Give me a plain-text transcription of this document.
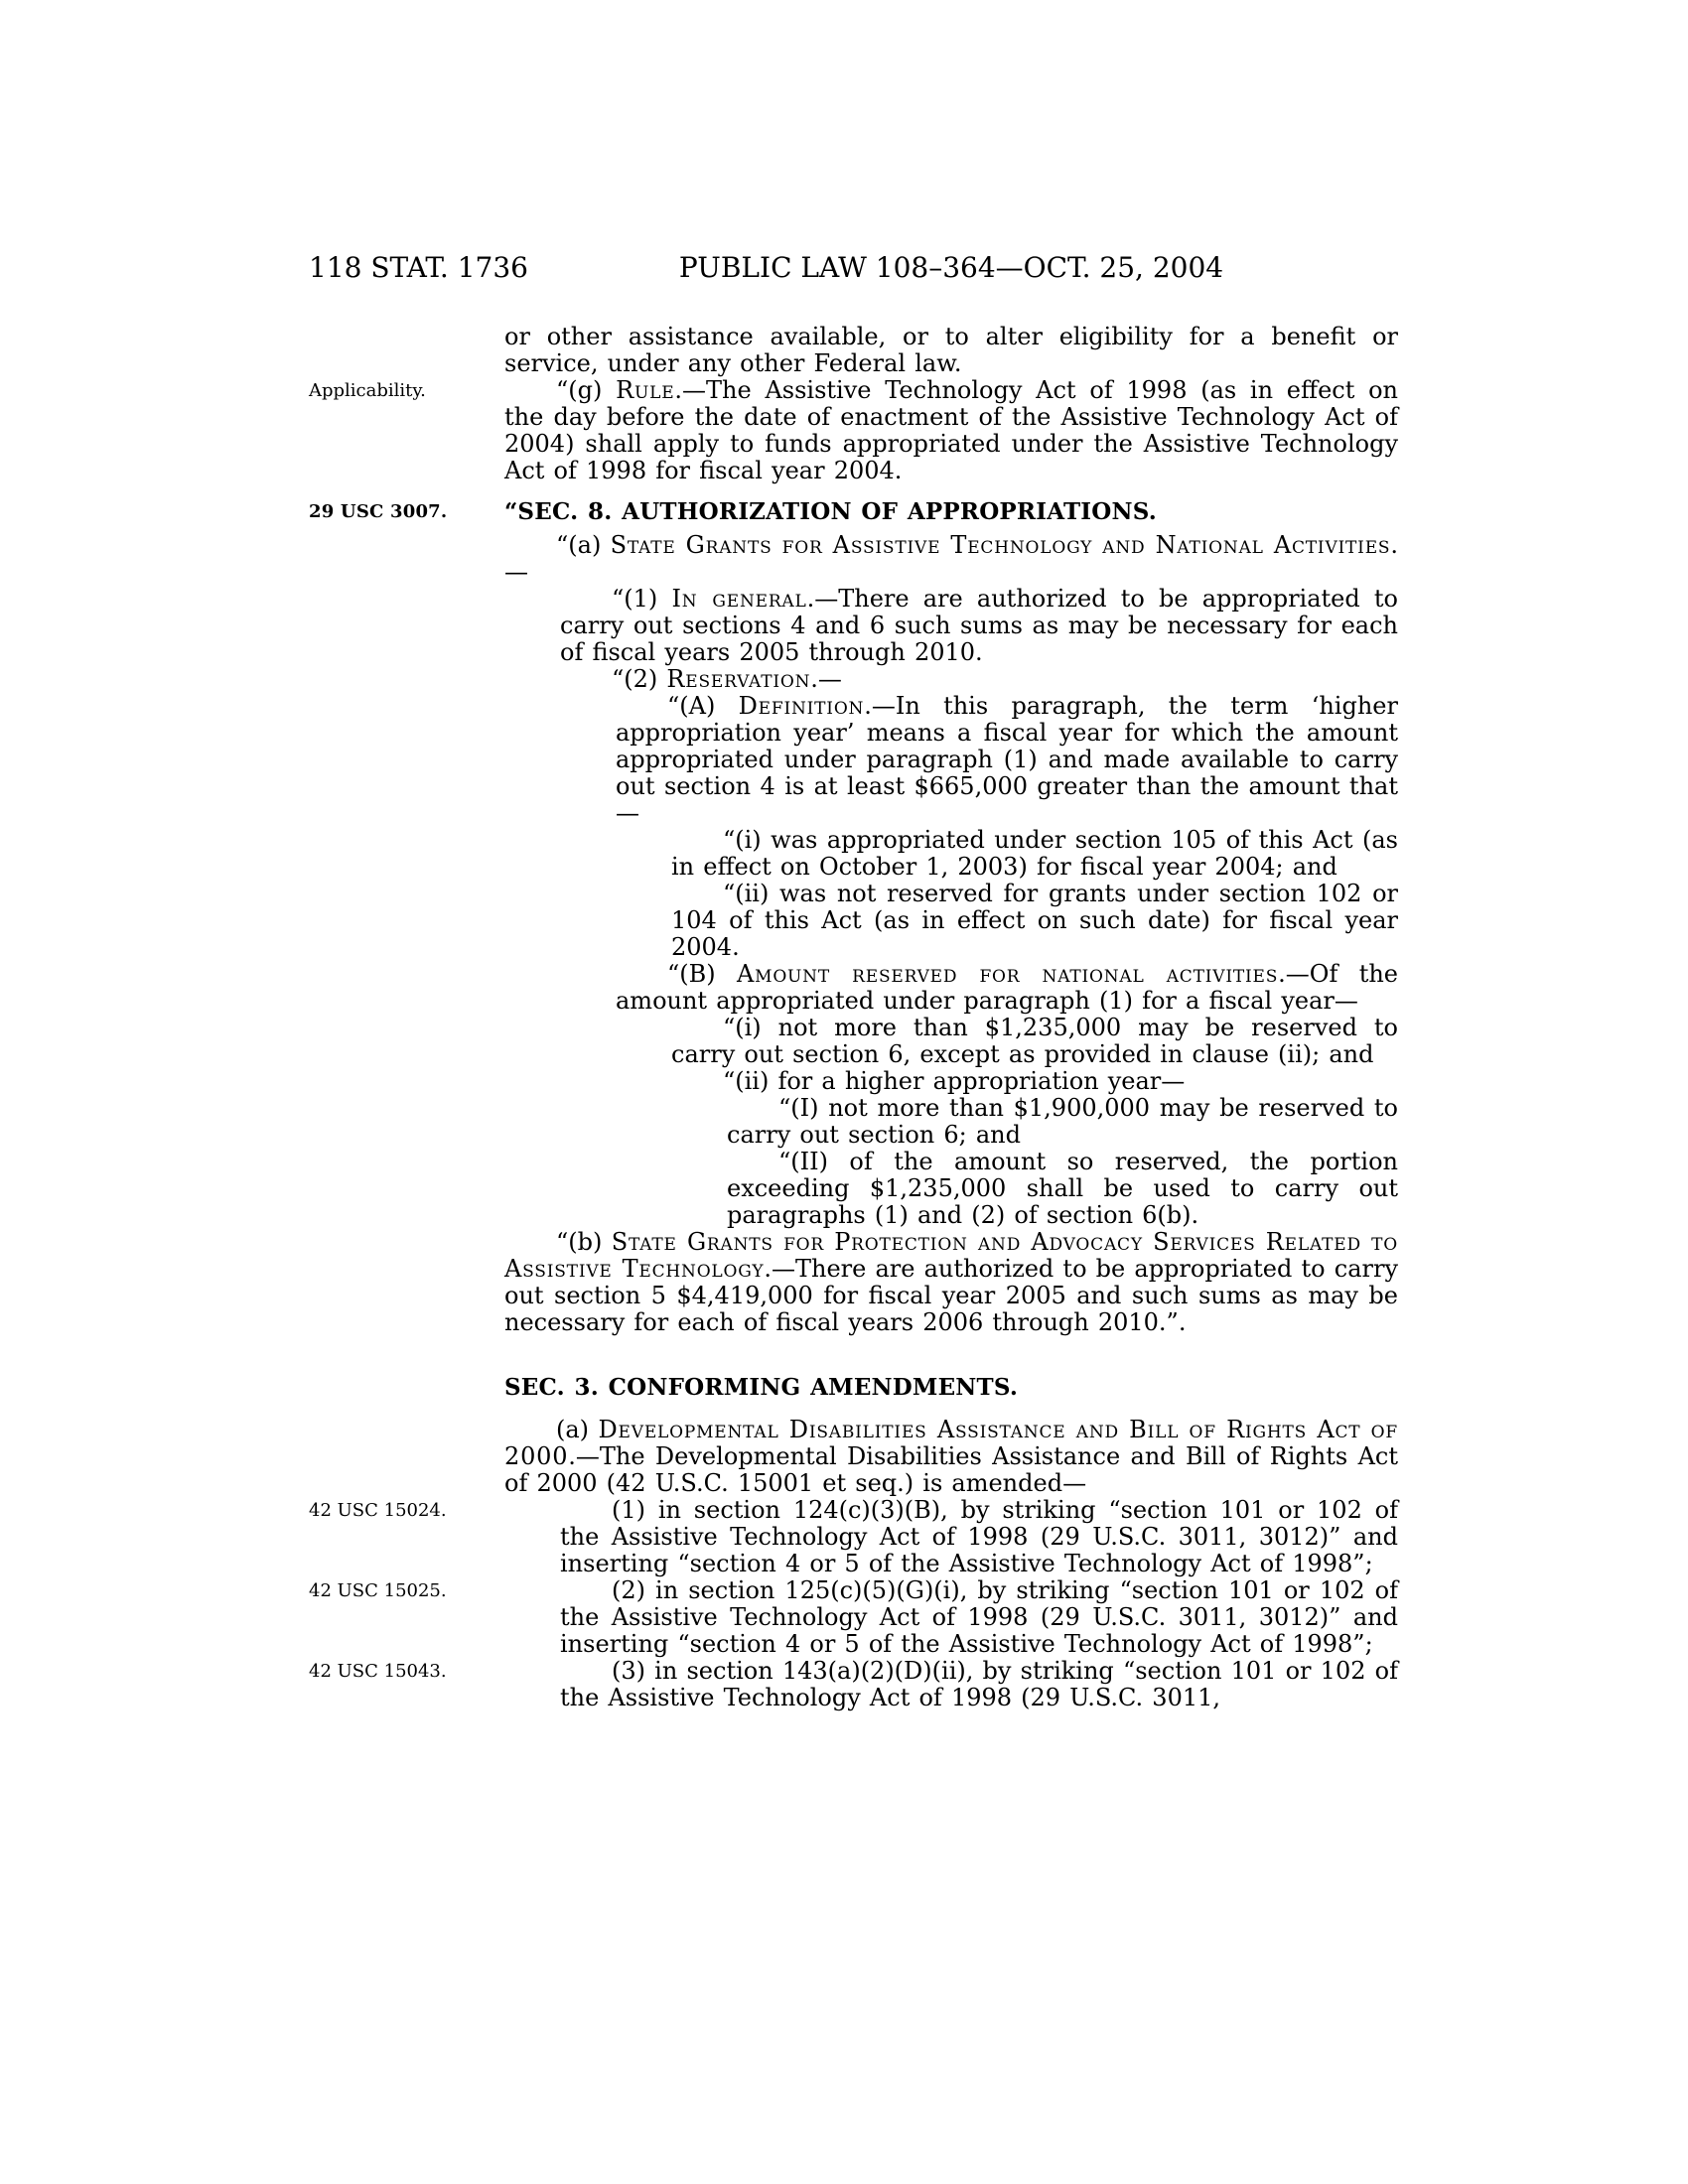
118 STAT. 1736	PUBLIC LAW 108–364—OCT. 25, 2004
or other assistance available, or to alter eligibility for a benefit or service, under any other Federal law.
Applicability.	“(g) Rule.—The Assistive Technology Act of 1998 (as in effect on the day before the date of enactment of the Assistive Technology Act of 2004) shall apply to funds appropriated under the Assistive Technology Act of 1998 for fiscal year 2004.
29 USC 3007.	“SEC. 8. AUTHORIZATION OF APPROPRIATIONS.
“(a) State Grants for Assistive Technology and National Activities.—
“(1) In general.—There are authorized to be appropriated to carry out sections 4 and 6 such sums as may be necessary for each of fiscal years 2005 through 2010.
“(2) Reservation.—
“(A) Definition.—In this paragraph, the term ‘higher appropriation year’ means a fiscal year for which the amount appropriated under paragraph (1) and made available to carry out section 4 is at least $665,000 greater than the amount that—
“(i) was appropriated under section 105 of this Act (as in effect on October 1, 2003) for fiscal year 2004; and
“(ii) was not reserved for grants under section 102 or 104 of this Act (as in effect on such date) for fiscal year 2004.
“(B) Amount reserved for national activities.—Of the amount appropriated under paragraph (1) for a fiscal year—
“(i) not more than $1,235,000 may be reserved to carry out section 6, except as provided in clause (ii); and
“(ii) for a higher appropriation year—
“(I) not more than $1,900,000 may be reserved to carry out section 6; and
“(II) of the amount so reserved, the portion exceeding $1,235,000 shall be used to carry out paragraphs (1) and (2) of section 6(b).
“(b) State Grants for Protection and Advocacy Services Related to Assistive Technology.—There are authorized to be appropriated to carry out section 5 $4,419,000 for fiscal year 2005 and such sums as may be necessary for each of fiscal years 2006 through 2010.”.
SEC. 3. CONFORMING AMENDMENTS.
(a) Developmental Disabilities Assistance and Bill of Rights Act of 2000.—The Developmental Disabilities Assistance and Bill of Rights Act of 2000 (42 U.S.C. 15001 et seq.) is amended—
42 USC 15024.	(1) in section 124(c)(3)(B), by striking “section 101 or 102 of the Assistive Technology Act of 1998 (29 U.S.C. 3011, 3012)” and inserting “section 4 or 5 of the Assistive Technology Act of 1998”;
42 USC 15025.	(2) in section 125(c)(5)(G)(i), by striking “section 101 or 102 of the Assistive Technology Act of 1998 (29 U.S.C. 3011, 3012)” and inserting “section 4 or 5 of the Assistive Technology Act of 1998”;
42 USC 15043.	(3) in section 143(a)(2)(D)(ii), by striking “section 101 or 102 of the Assistive Technology Act of 1998 (29 U.S.C. 3011,
